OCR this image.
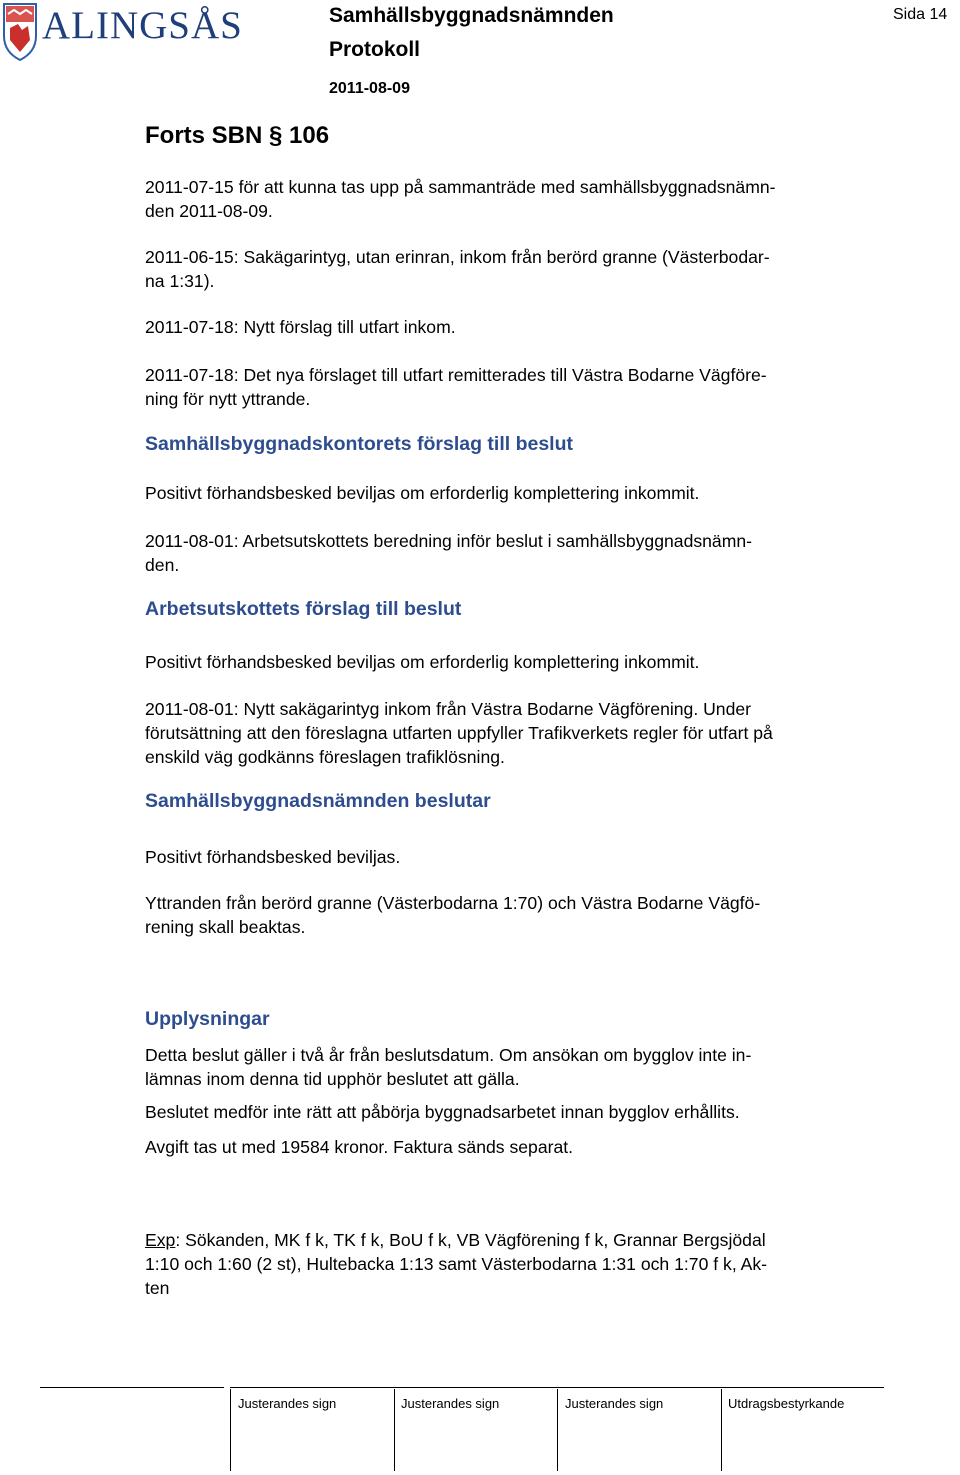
ALINGSÅS	Samhällsbyggnadsnämnden
Protokoll
2011-08-09
Sida 14
Forts SBN § 106
2011-07-15 för att kunna tas upp på sammanträde med samhällsbyggnadsnämn-
den 2011-08-09.
2011-06-15: Sakägarintyg, utan erinran, inkom från berörd granne (Västerbodar-
na 1:31).
2011-07-18: Nytt förslag till utfart inkom.
2011-07-18: Det nya förslaget till utfart remitterades till Västra Bodarne Vägföre-
ning för nytt yttrande.
Samhällsbyggnadskontorets förslag till beslut
Positivt förhandsbesked beviljas om erforderlig komplettering inkommit.
2011-08-01: Arbetsutskottets beredning inför beslut i samhällsbyggnadsnämn-
den.
Arbetsutskottets förslag till beslut
Positivt förhandsbesked beviljas om erforderlig komplettering inkommit.
2011-08-01: Nytt sakägarintyg inkom från Västra Bodarne Vägförening. Under
förutsättning att den föreslagna utfarten uppfyller Trafikverkets regler för utfart på
enskild väg godkänns föreslagen trafiklösning.
Samhällsbyggnadsnämnden beslutar
Positivt förhandsbesked beviljas.
Yttranden från berörd granne (Västerbodarna 1:70) och Västra Bodarne Vägfö-
rening skall beaktas.
Upplysningar
Detta beslut gäller i två år från beslutsdatum. Om ansökan om bygglov inte in-
lämnas inom denna tid upphör beslutet att gälla.
Beslutet medför inte rätt att påbörja byggnadsarbetet innan bygglov erhållits.
Avgift tas ut med 19584 kronor. Faktura sänds separat.
Exp: Sökanden, MK f k, TK f k, BoU f k, VB Vägförening f k, Grannar Bergsjödal
1:10 och 1:60 (2 st), Hultebacka 1:13 samt Västerbodarna 1:31 och 1:70 f k, Ak-
ten
Justerandes sign	Justerandes sign	Justerandes sign	Utdragsbestyrkande
